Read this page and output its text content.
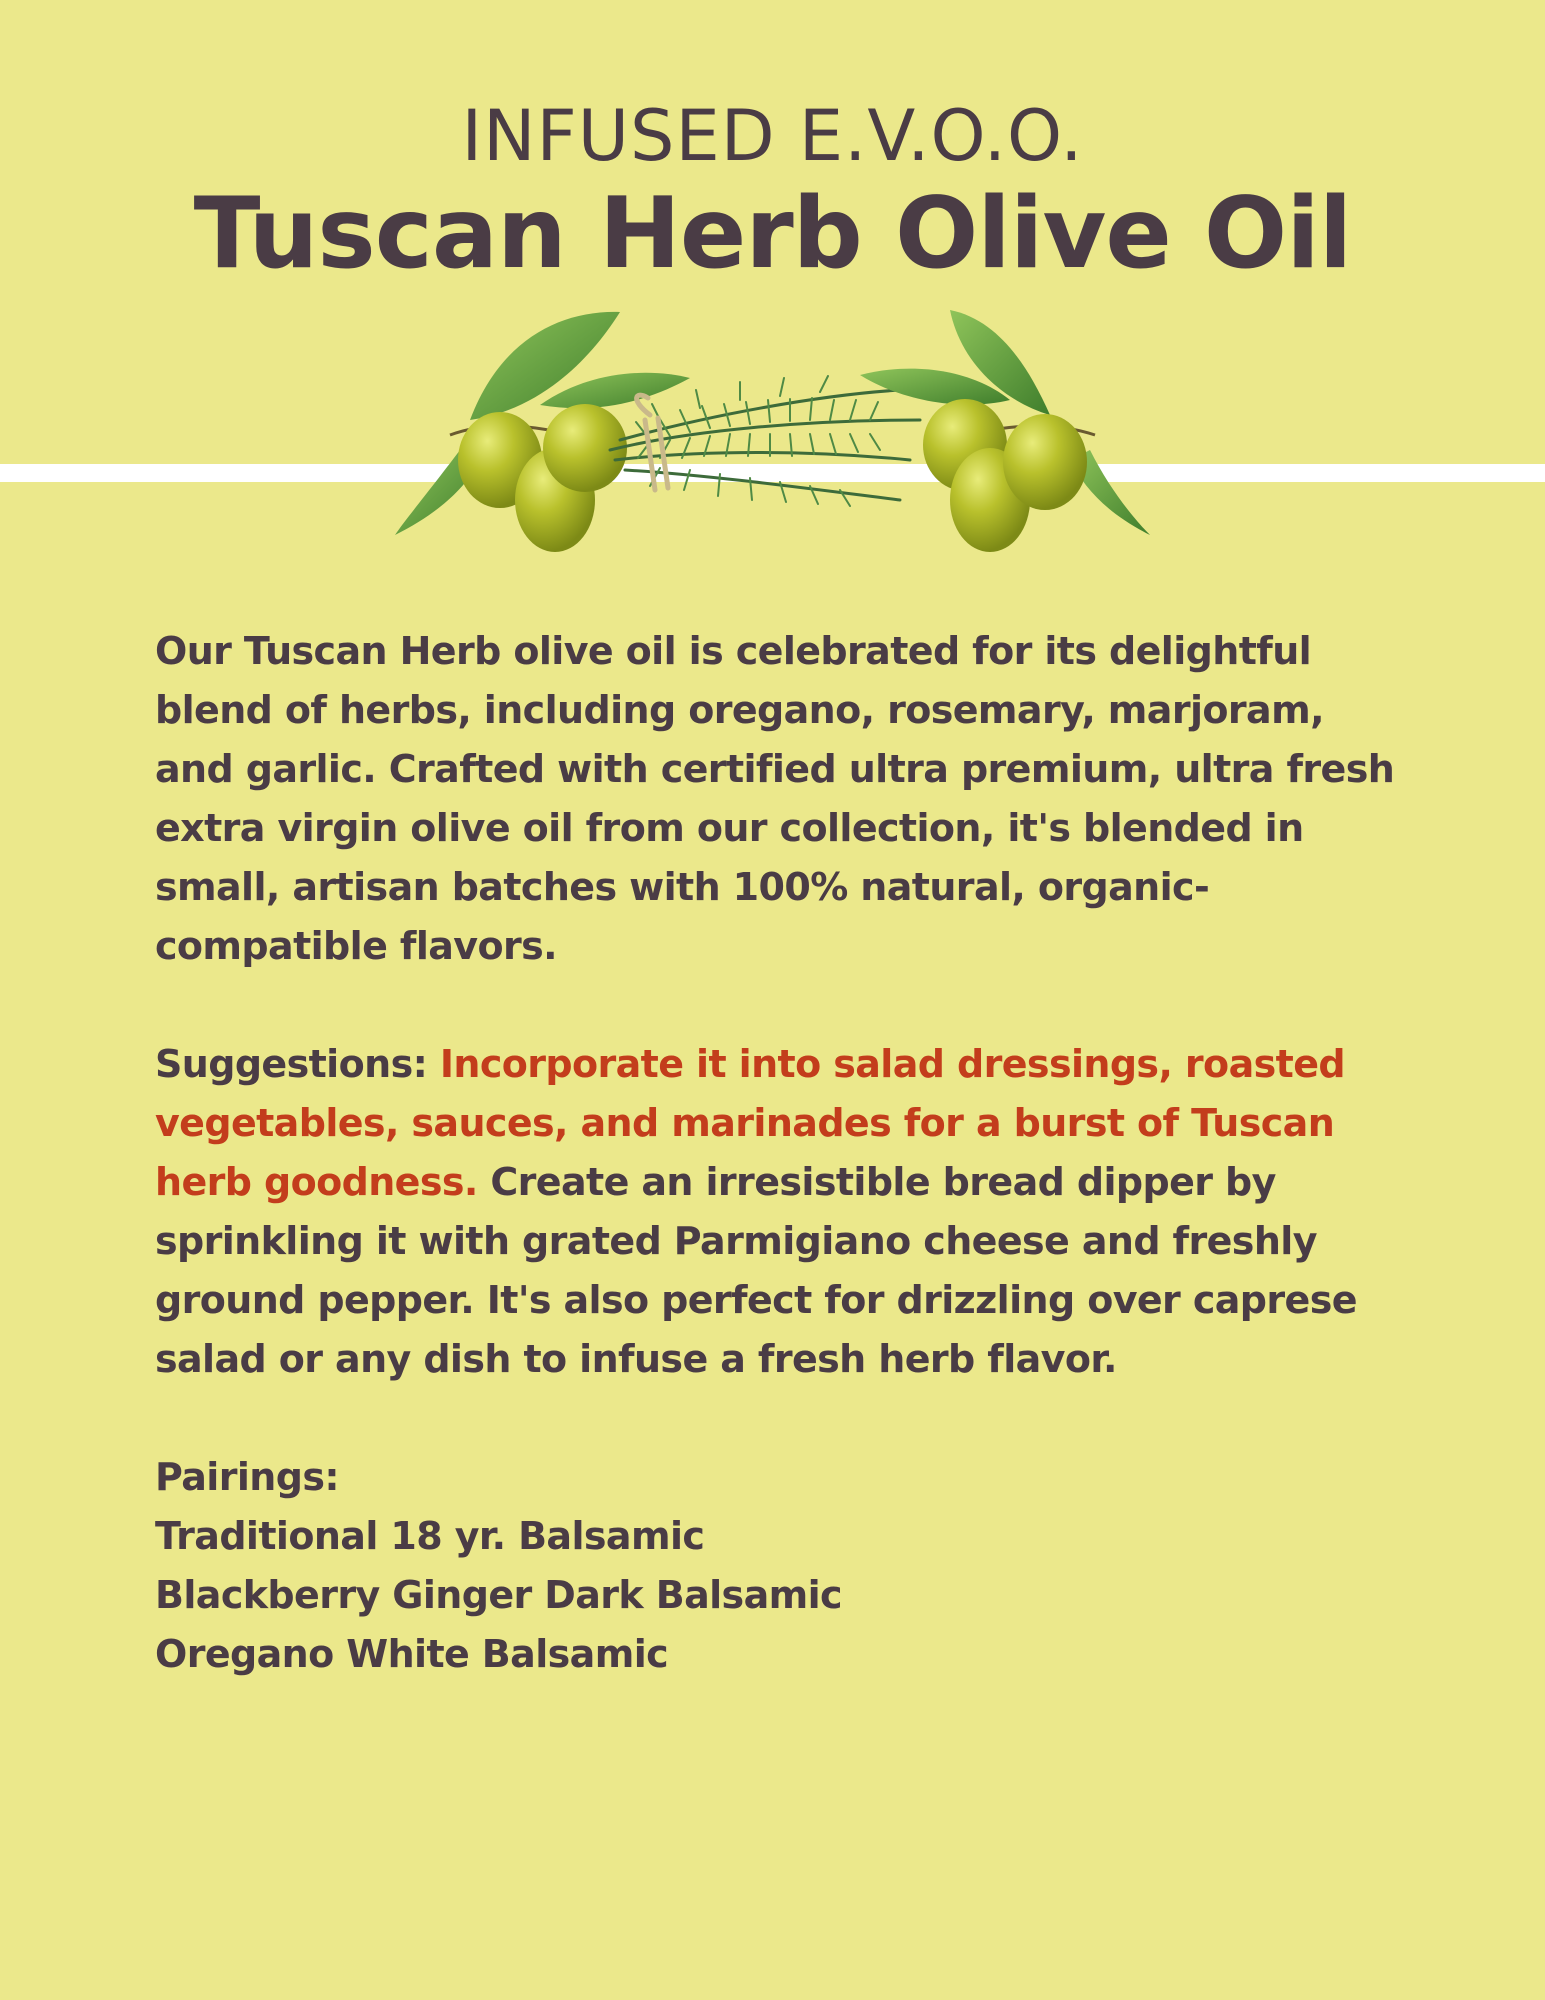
INFUSED E.V.O.O.
Tuscan Herb Olive Oil

Our Tuscan Herb olive oil is celebrated for its delightful blend of herbs, including oregano, rosemary, marjoram, and garlic. Crafted with certified ultra premium, ultra fresh extra virgin olive oil from our collection, it's blended in small, artisan batches with 100% natural, organic-compatible flavors.

Suggestions: Incorporate it into salad dressings, roasted vegetables, sauces, and marinades for a burst of Tuscan herb goodness. Create an irresistible bread dipper by sprinkling it with grated Parmigiano cheese and freshly ground pepper. It's also perfect for drizzling over caprese salad or any dish to infuse a fresh herb flavor.

Pairings:
Traditional 18 yr. Balsamic
Blackberry Ginger Dark Balsamic
Oregano White Balsamic
